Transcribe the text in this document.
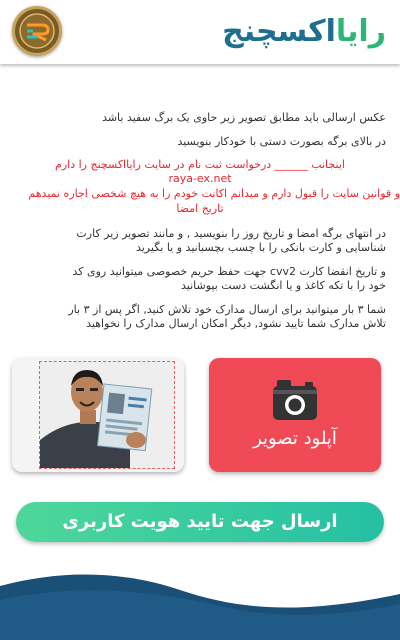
رایااکسچنج
عکس ارسالی باید مطابق تصویر زیر حاوی یک برگ سفید باشد
در بالای برگه بصورت دستی با خودکار بنویسید
اینجانب ______ درخواست ثبت نام در سایت رایااکسچنج را دارم
raya-ex.net
و قوانین سایت را قبول دارم و میدانم اکانت خودم را به هیچ شخصی اجاره نمیدهم
تاریخ امضا
در انتهای برگه امضا و تاریخ روز را بنویسید , و مانند تصویر زیر کارت
شناسایی و کارت بانکی را با چسب بچسبانید و یا بگیرید
و تاریخ انقضا کارت cvv2 جهت حفظ حریم خصوصی میتوانید روی کد
خود را با تکه کاغذ و یا انگشت دست بپوشانید
شما ۳ بار میتوانید برای ارسال مدارک خود تلاش کنید, اگر پس از ۳ بار
تلاش مدارک شما تایید نشود, دیگر امکان ارسال مدارک را نخواهید
آپلود تصویر
ارسال جهت تایید هویت کاربری
